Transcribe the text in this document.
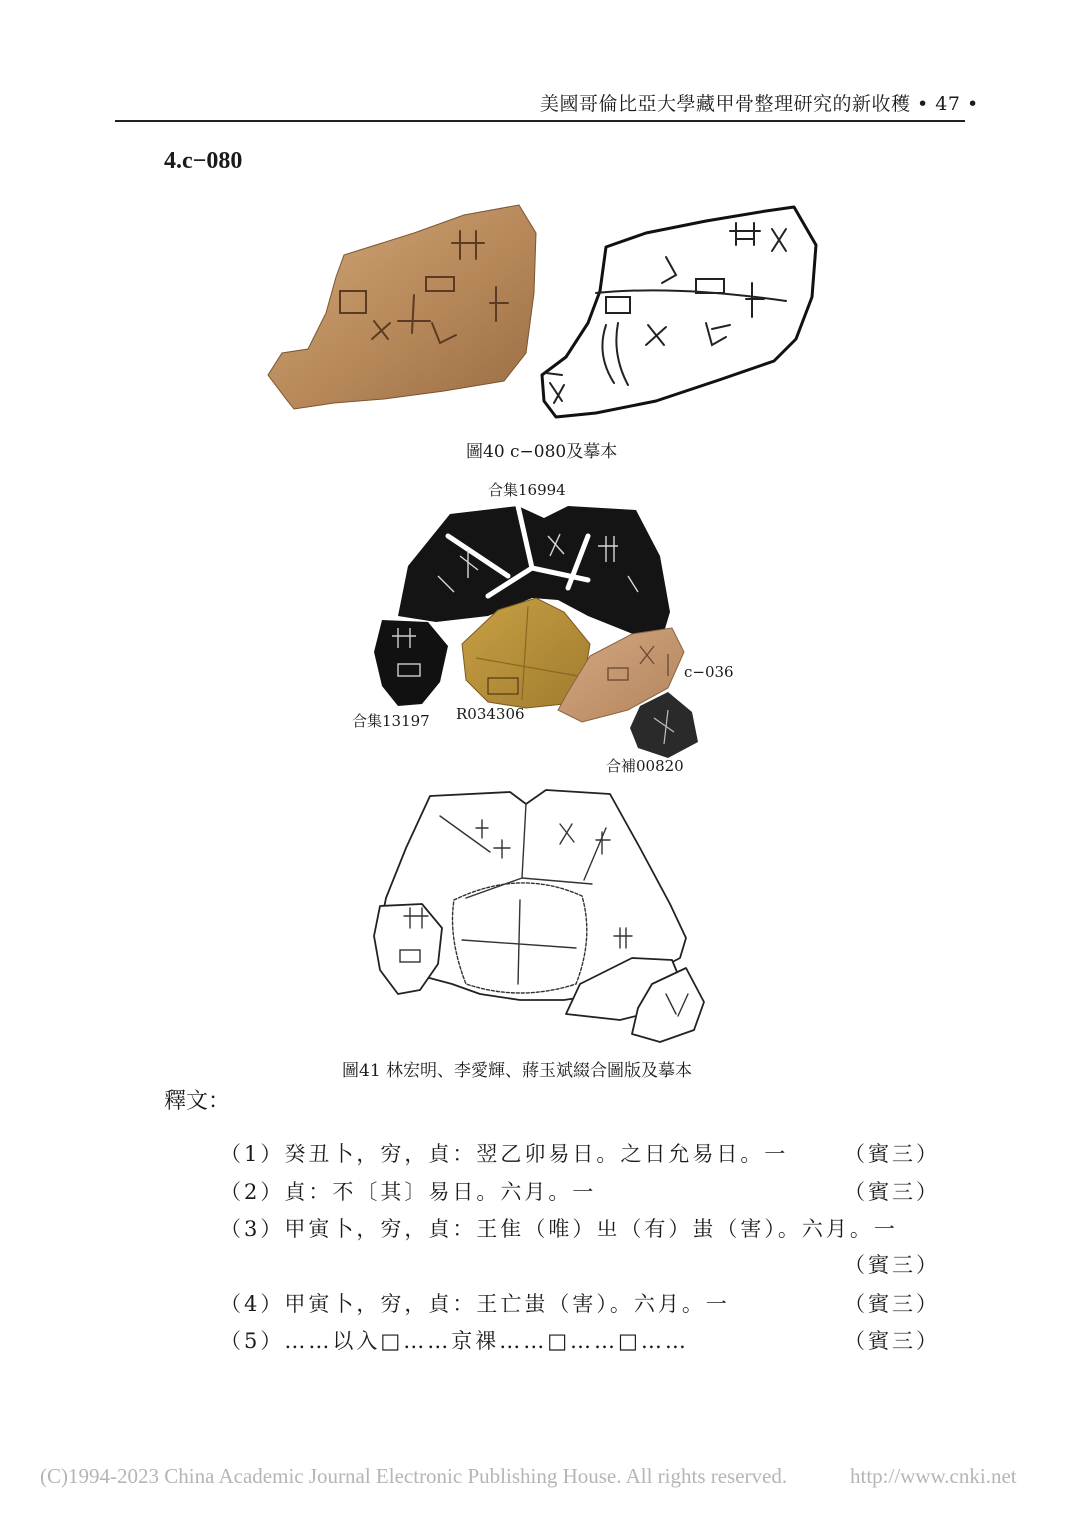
美國哥倫比亞大學藏甲骨整理研究的新收穫 • 47 •
4.c−080
圖40 c−080及摹本
合集16994
c−036
合集13197 R034306
合補00820
圖41 林宏明、李愛輝、蔣玉斌綴合圖版及摹本
釋文：
（1）癸丑卜，穷，貞：翌乙卯易日。之日允易日。一	（賓三）
（2）貞：不〔其〕易日。六月。一	（賓三）
（3）甲寅卜，穷，貞：王隹（唯）㞢（有）蚩（害）。六月。一
（賓三）
（4）甲寅卜，穷，貞：王亡蚩（害）。六月。一	（賓三）
（5）……以入□……京祼……□……□……	（賓三）
(C)1994-2023 China Academic Journal Electronic Publishing House. All rights reserved.	http://www.cnki.net
